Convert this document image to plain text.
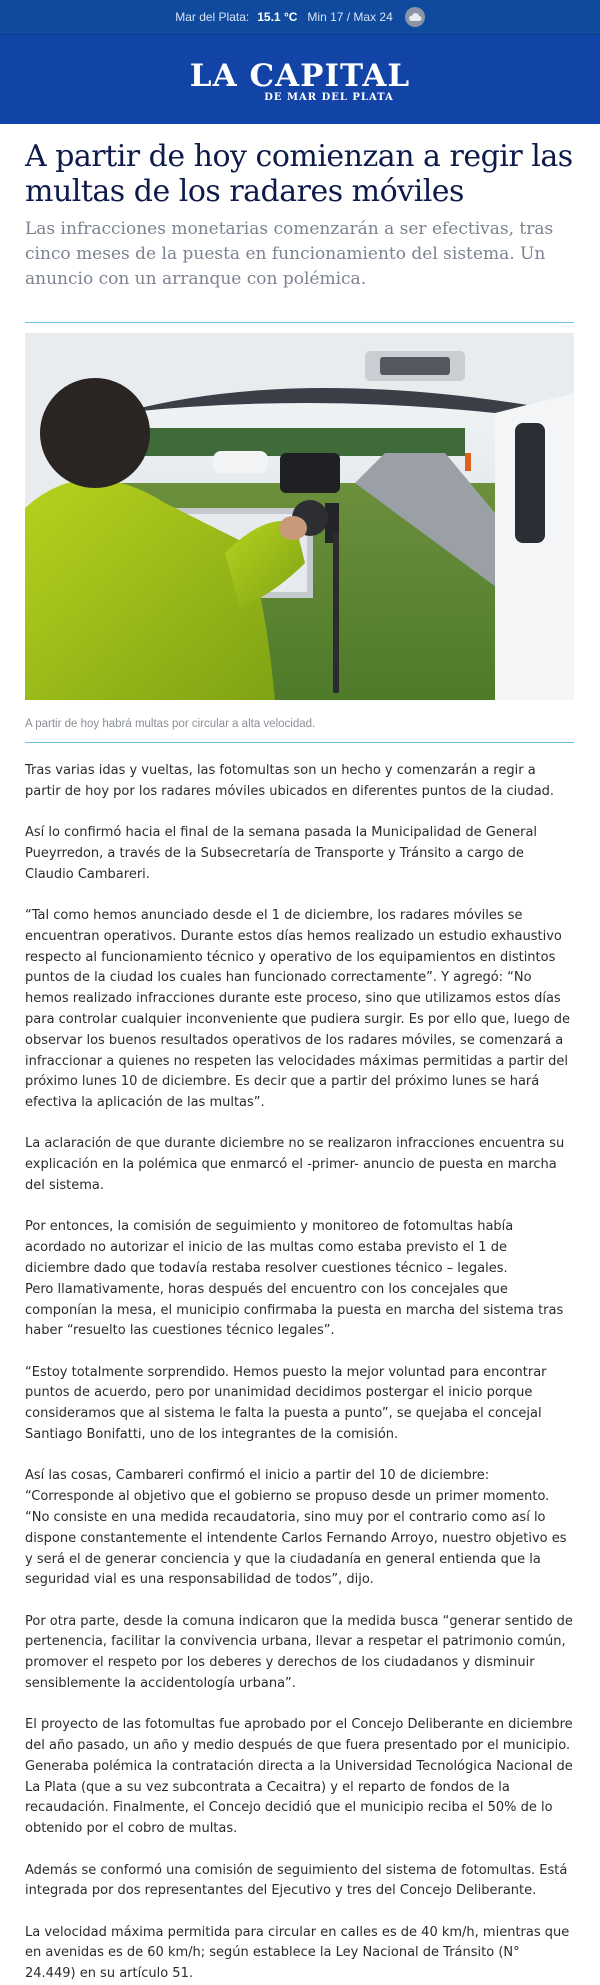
Mar del Plata: 15.1 °C Min 17 / Max 24
LA CAPITAL
DE MAR DEL PLATA
A partir de hoy comienzan a regir las multas de los radares móviles

Las infracciones monetarias comenzarán a ser efectivas, tras cinco meses de la puesta en funcionamiento del sistema. Un anuncio con un arranque con polémica.

A partir de hoy habrá multas por circular a alta velocidad.

Tras varias idas y vueltas, las fotomultas son un hecho y comenzarán a regir a partir de hoy por los radares móviles ubicados en diferentes puntos de la ciudad.

Así lo confirmó hacia el final de la semana pasada la Municipalidad de General Pueyrredon, a través de la Subsecretaría de Transporte y Tránsito a cargo de Claudio Cambareri.

“Tal como hemos anunciado desde el 1 de diciembre, los radares móviles se encuentran operativos. Durante estos días hemos realizado un estudio exhaustivo respecto al funcionamiento técnico y operativo de los equipamientos en distintos puntos de la ciudad los cuales han funcionado correctamente”. Y agregó: “No hemos realizado infracciones durante este proceso, sino que utilizamos estos días para controlar cualquier inconveniente que pudiera surgir. Es por ello que, luego de observar los buenos resultados operativos de los radares móviles, se comenzará a infraccionar a quienes no respeten las velocidades máximas permitidas a partir del próximo lunes 10 de diciembre. Es decir que a partir del próximo lunes se hará efectiva la aplicación de las multas”.

La aclaración de que durante diciembre no se realizaron infracciones encuentra su explicación en la polémica que enmarcó el -primer- anuncio de puesta en marcha del sistema.

Por entonces, la comisión de seguimiento y monitoreo de fotomultas había acordado no autorizar el inicio de las multas como estaba previsto el 1 de diciembre dado que todavía restaba resolver cuestiones técnico – legales.
Pero llamativamente, horas después del encuentro con los concejales que componían la mesa, el municipio confirmaba la puesta en marcha del sistema tras haber “resuelto las cuestiones técnico legales”.

“Estoy totalmente sorprendido. Hemos puesto la mejor voluntad para encontrar puntos de acuerdo, pero por unanimidad decidimos postergar el inicio porque consideramos que al sistema le falta la puesta a punto”, se quejaba el concejal Santiago Bonifatti, uno de los integrantes de la comisión.

Así las cosas, Cambareri confirmó el inicio a partir del 10 de diciembre: “Corresponde al objetivo que el gobierno se propuso desde un primer momento. “No consiste en una medida recaudatoria, sino muy por el contrario como así lo dispone constantemente el intendente Carlos Fernando Arroyo, nuestro objetivo es y será el de generar conciencia y que la ciudadanía en general entienda que la seguridad vial es una responsabilidad de todos”, dijo.

Por otra parte, desde la comuna indicaron que la medida busca “generar sentido de pertenencia, facilitar la convivencia urbana, llevar a respetar el patrimonio común, promover el respeto por los deberes y derechos de los ciudadanos y disminuir sensiblemente la accidentología urbana”.

El proyecto de las fotomultas fue aprobado por el Concejo Deliberante en diciembre del año pasado, un año y medio después de que fuera presentado por el municipio. Generaba polémica la contratación directa a la Universidad Tecnológica Nacional de La Plata (que a su vez subcontrata a Cecaitra) y el reparto de fondos de la recaudación. Finalmente, el Concejo decidió que el municipio reciba el 50% de lo obtenido por el cobro de multas.

Además se conformó una comisión de seguimiento del sistema de fotomultas. Está integrada por dos representantes del Ejecutivo y tres del Concejo Deliberante.

La velocidad máxima permitida para circular en calles es de 40 km/h, mientras que en avenidas es de 60 km/h; según establece la Ley Nacional de Tránsito (N° 24.449) en su artículo 51.
